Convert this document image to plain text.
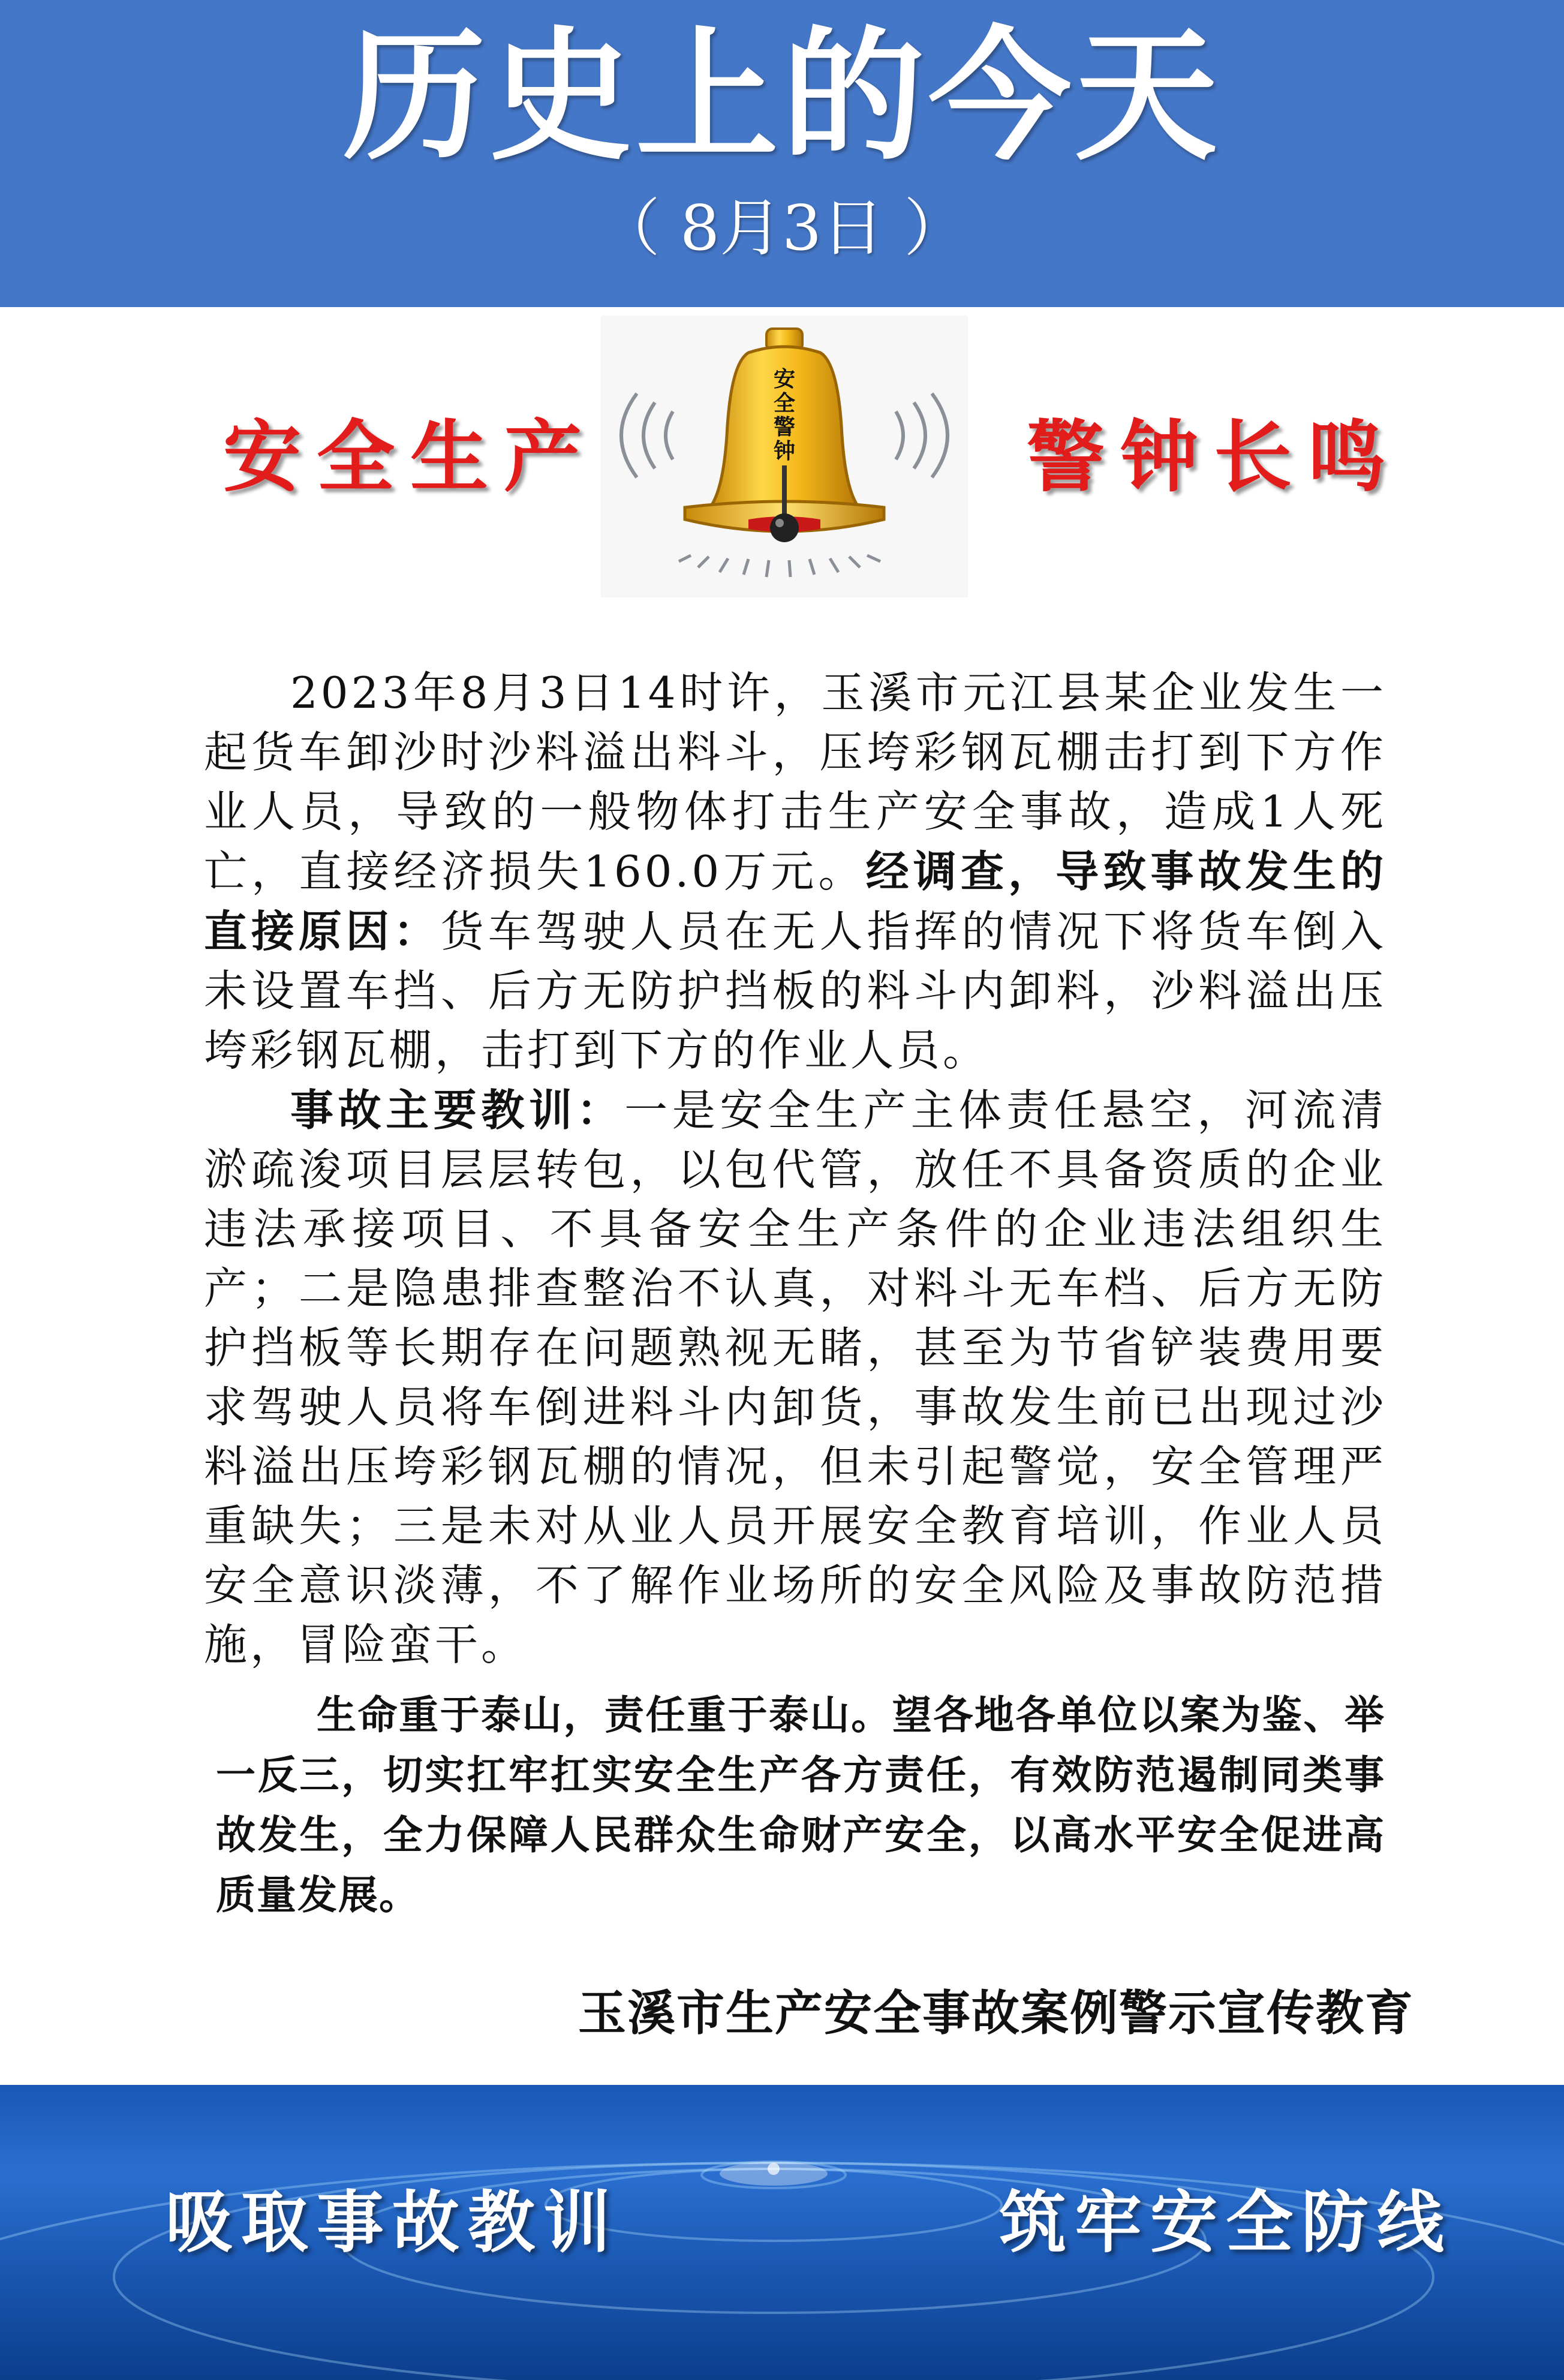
历史上的今天
（ 8月3日 ）
安全生产	警钟长鸣
安
全
警
钟

2023年8月3日14时许，玉溪市元江县某企业发生一起货车卸沙时沙料溢出料斗，压垮彩钢瓦棚击打到下方作业人员，导致的一般物体打击生产安全事故，造成1人死亡，直接经济损失160.0万元。经调查，导致事故发生的直接原因：货车驾驶人员在无人指挥的情况下将货车倒入未设置车挡、后方无防护挡板的料斗内卸料，沙料溢出压垮彩钢瓦棚，击打到下方的作业人员。

事故主要教训：一是安全生产主体责任悬空，河流清淤疏浚项目层层转包，以包代管，放任不具备资质的企业违法承接项目、不具备安全生产条件的企业违法组织生产；二是隐患排查整治不认真，对料斗无车档、后方无防护挡板等长期存在问题熟视无睹，甚至为节省铲装费用要求驾驶人员将车倒进料斗内卸货，事故发生前已出现过沙料溢出压垮彩钢瓦棚的情况，但未引起警觉，安全管理严重缺失；三是未对从业人员开展安全教育培训，作业人员安全意识淡薄，不了解作业场所的安全风险及事故防范措施，冒险蛮干。

生命重于泰山，责任重于泰山。望各地各单位以案为鉴、举一反三，切实扛牢扛实安全生产各方责任，有效防范遏制同类事故发生，全力保障人民群众生命财产安全，以高水平安全促进高质量发展。
玉溪市生产安全事故案例警示宣传教育
吸取事故教训	筑牢安全防线
